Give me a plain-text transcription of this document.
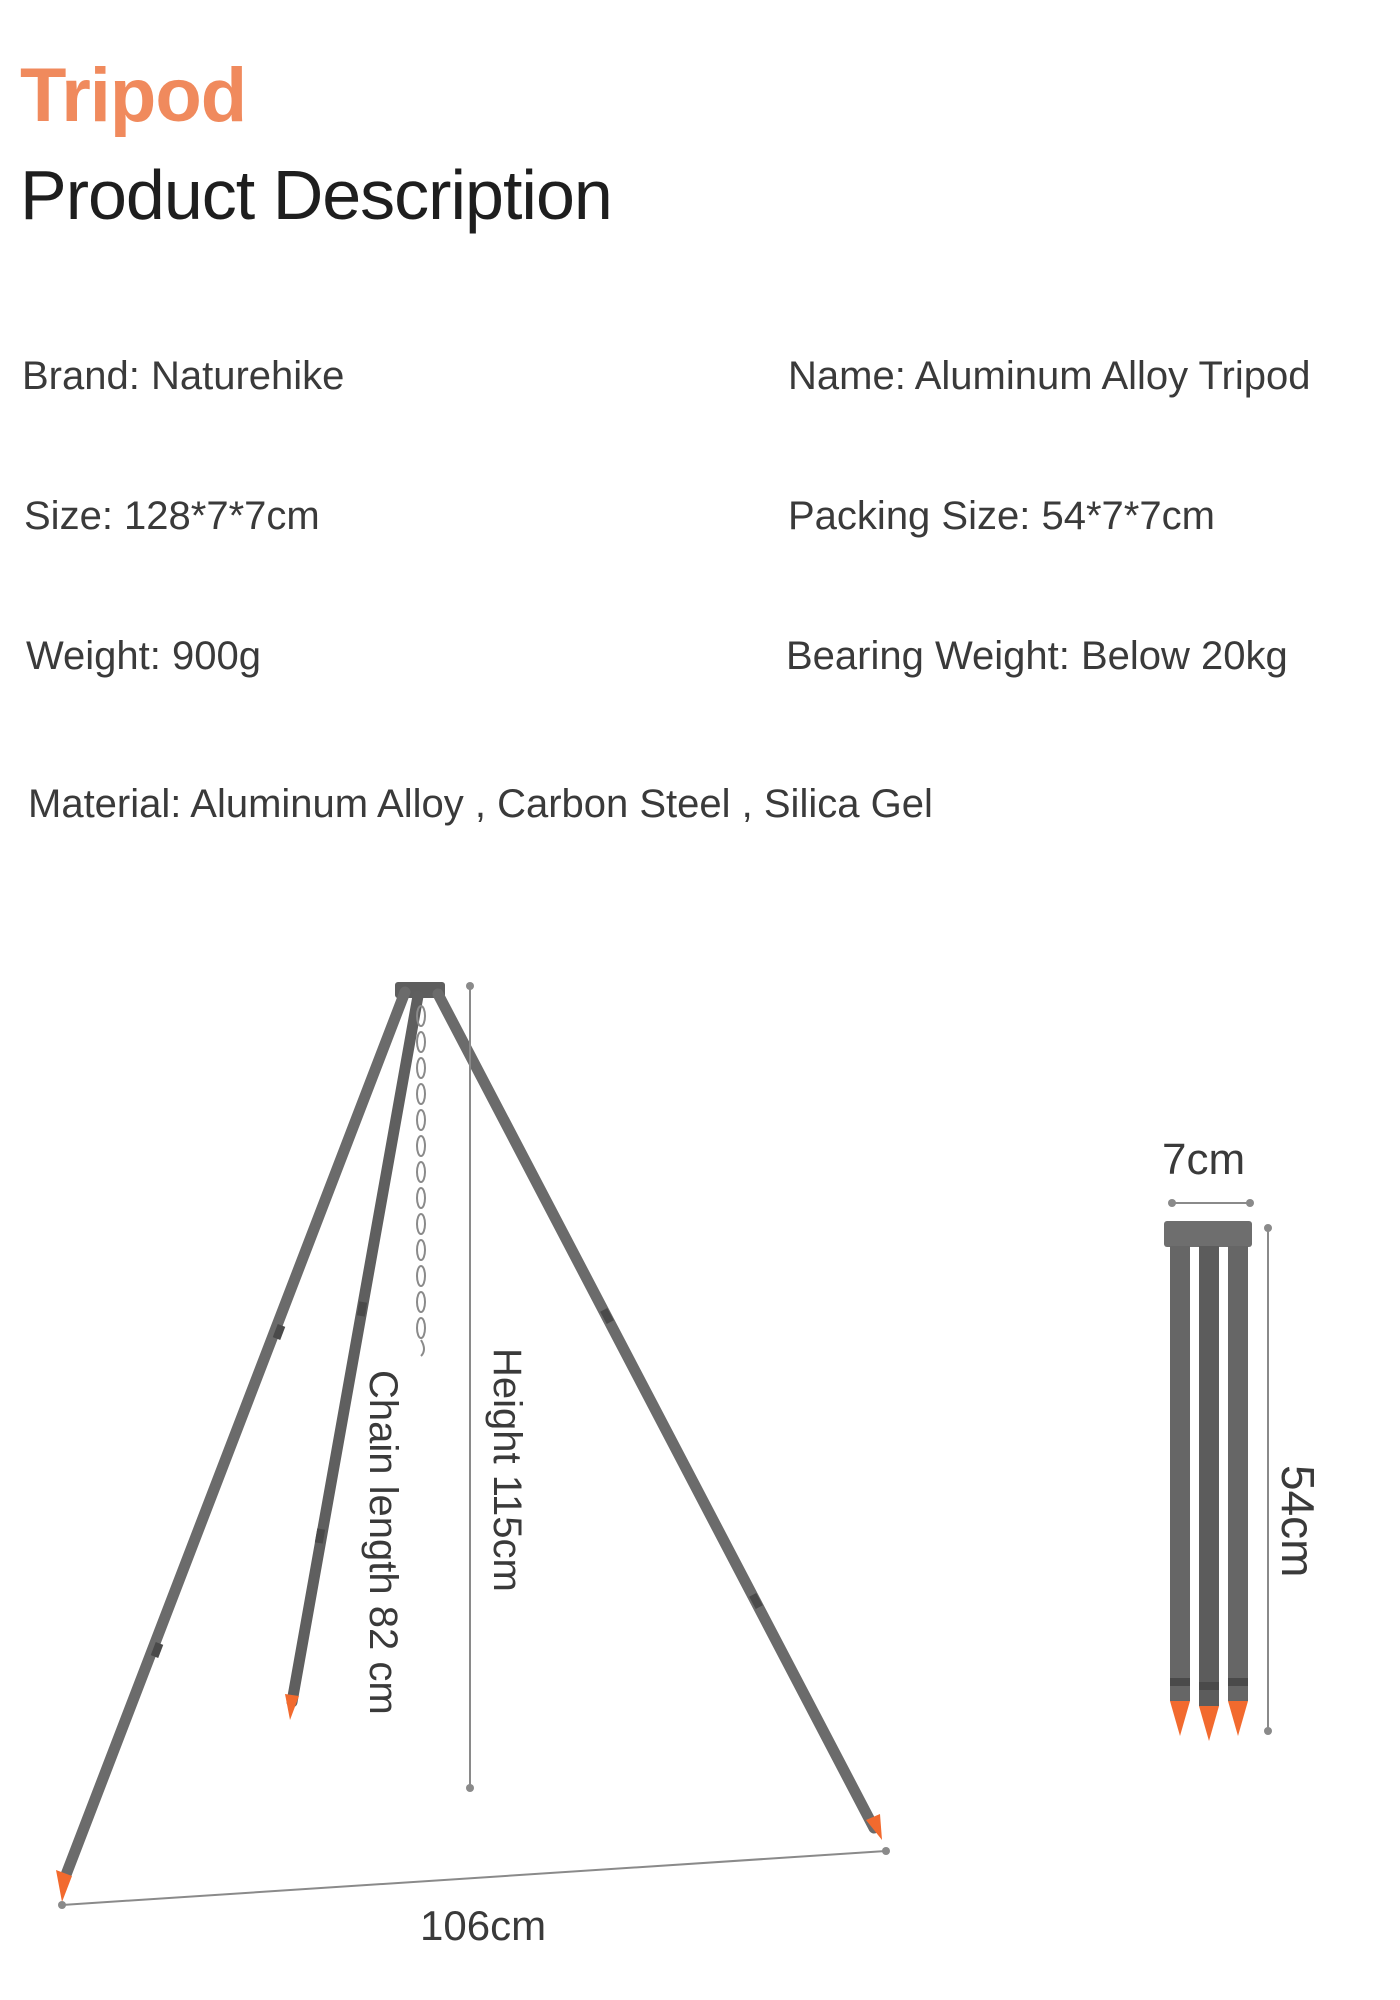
Tripod
Product Description
Brand: Naturehike	Name: Aluminum Alloy Tripod
Size: 128*7*7cm	Packing Size: 54*7*7cm
Weight: 900g	Bearing Weight: Below 20kg
Material: Aluminum Alloy , Carbon Steel , Silica Gel
Chain length 82 cm Height 115cm
106cm
7cm
54cm
